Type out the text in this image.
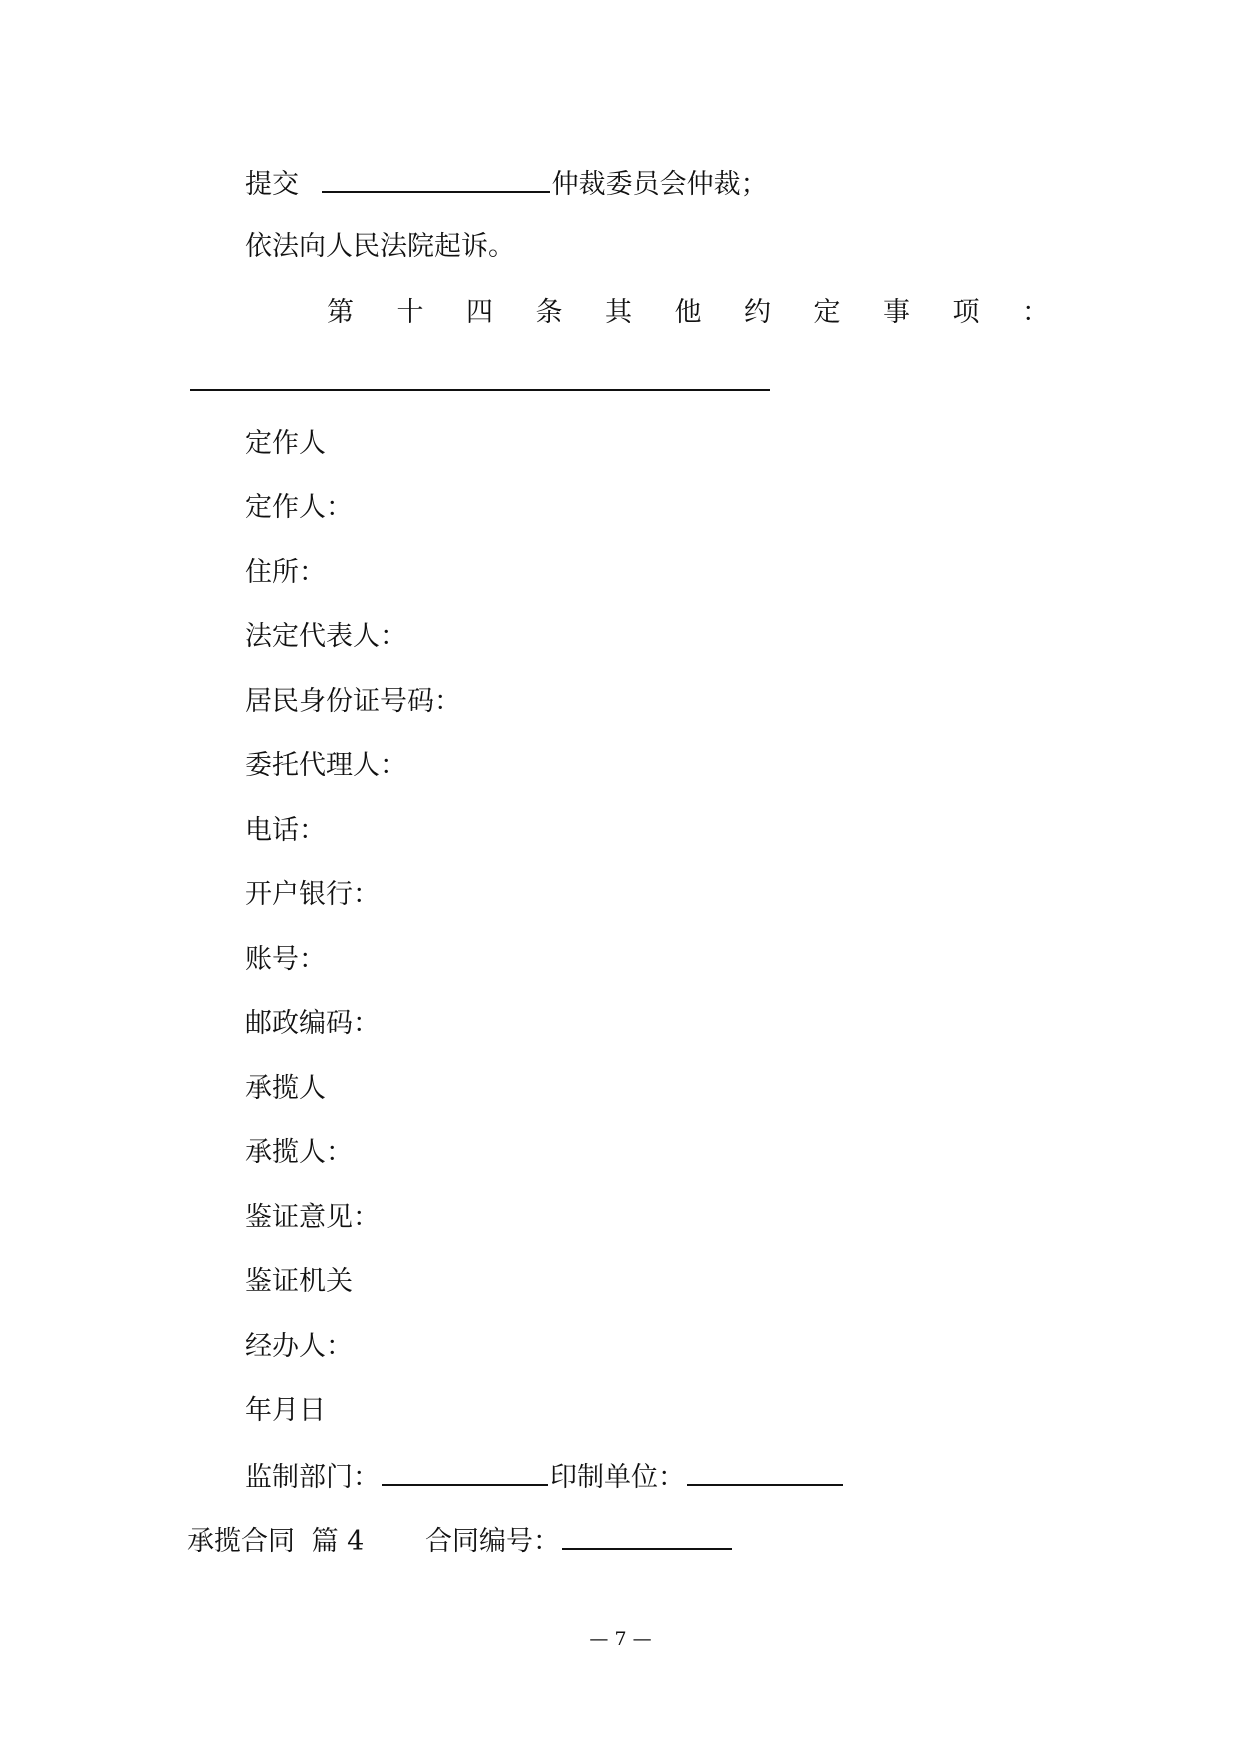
提交	仲裁委员会仲裁；
依法向人民法院起诉。
第 十 四 条 其 他 约 定 事 项 ：
定作人
定作人：
住所：
法定代表人：
居民身份证号码：
委托代理人：
电话：
开户银行：
账号：
邮政编码：
承揽人
承揽人：
鉴证意见：
鉴证机关
经办人：
年月日
监制部门：	印制单位：
承揽合同 篇 4 合同编号：
— 7 —
